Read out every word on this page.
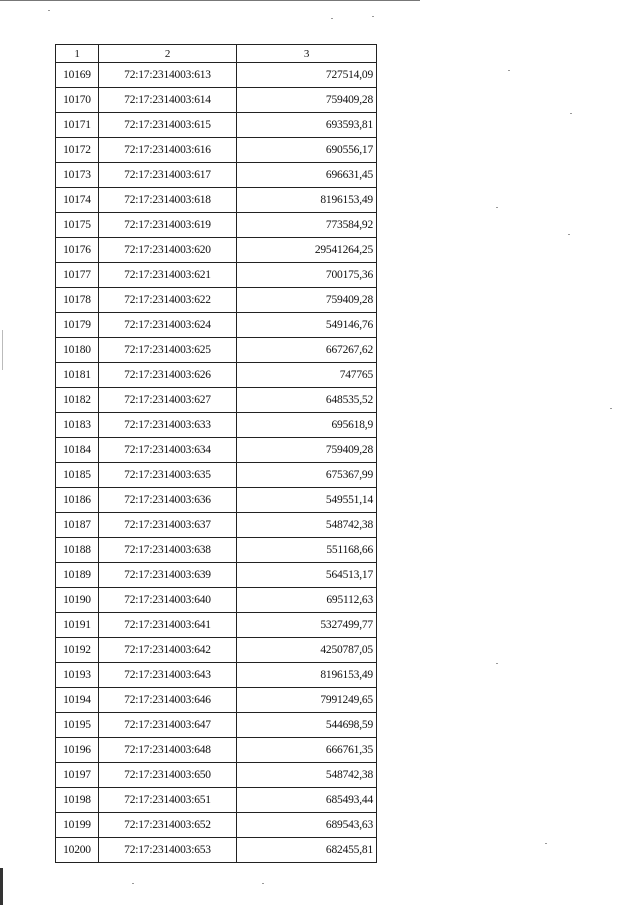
1	2	3
10169	72:17:2314003:613	727514,09
10170	72:17:2314003:614	759409,28
10171	72:17:2314003:615	693593,81
10172	72:17:2314003:616	690556,17
10173	72:17:2314003:617	696631,45
10174	72:17:2314003:618	8196153,49
10175	72:17:2314003:619	773584,92
10176	72:17:2314003:620	29541264,25
10177	72:17:2314003:621	700175,36
10178	72:17:2314003:622	759409,28
10179	72:17:2314003:624	549146,76
10180	72:17:2314003:625	667267,62
10181	72:17:2314003:626	747765
10182	72:17:2314003:627	648535,52
10183	72:17:2314003:633	695618,9
10184	72:17:2314003:634	759409,28
10185	72:17:2314003:635	675367,99
10186	72:17:2314003:636	549551,14
10187	72:17:2314003:637	548742,38
10188	72:17:2314003:638	551168,66
10189	72:17:2314003:639	564513,17
10190	72:17:2314003:640	695112,63
10191	72:17:2314003:641	5327499,77
10192	72:17:2314003:642	4250787,05
10193	72:17:2314003:643	8196153,49
10194	72:17:2314003:646	7991249,65
10195	72:17:2314003:647	544698,59
10196	72:17:2314003:648	666761,35
10197	72:17:2314003:650	548742,38
10198	72:17:2314003:651	685493,44
10199	72:17:2314003:652	689543,63
10200	72:17:2314003:653	682455,81
